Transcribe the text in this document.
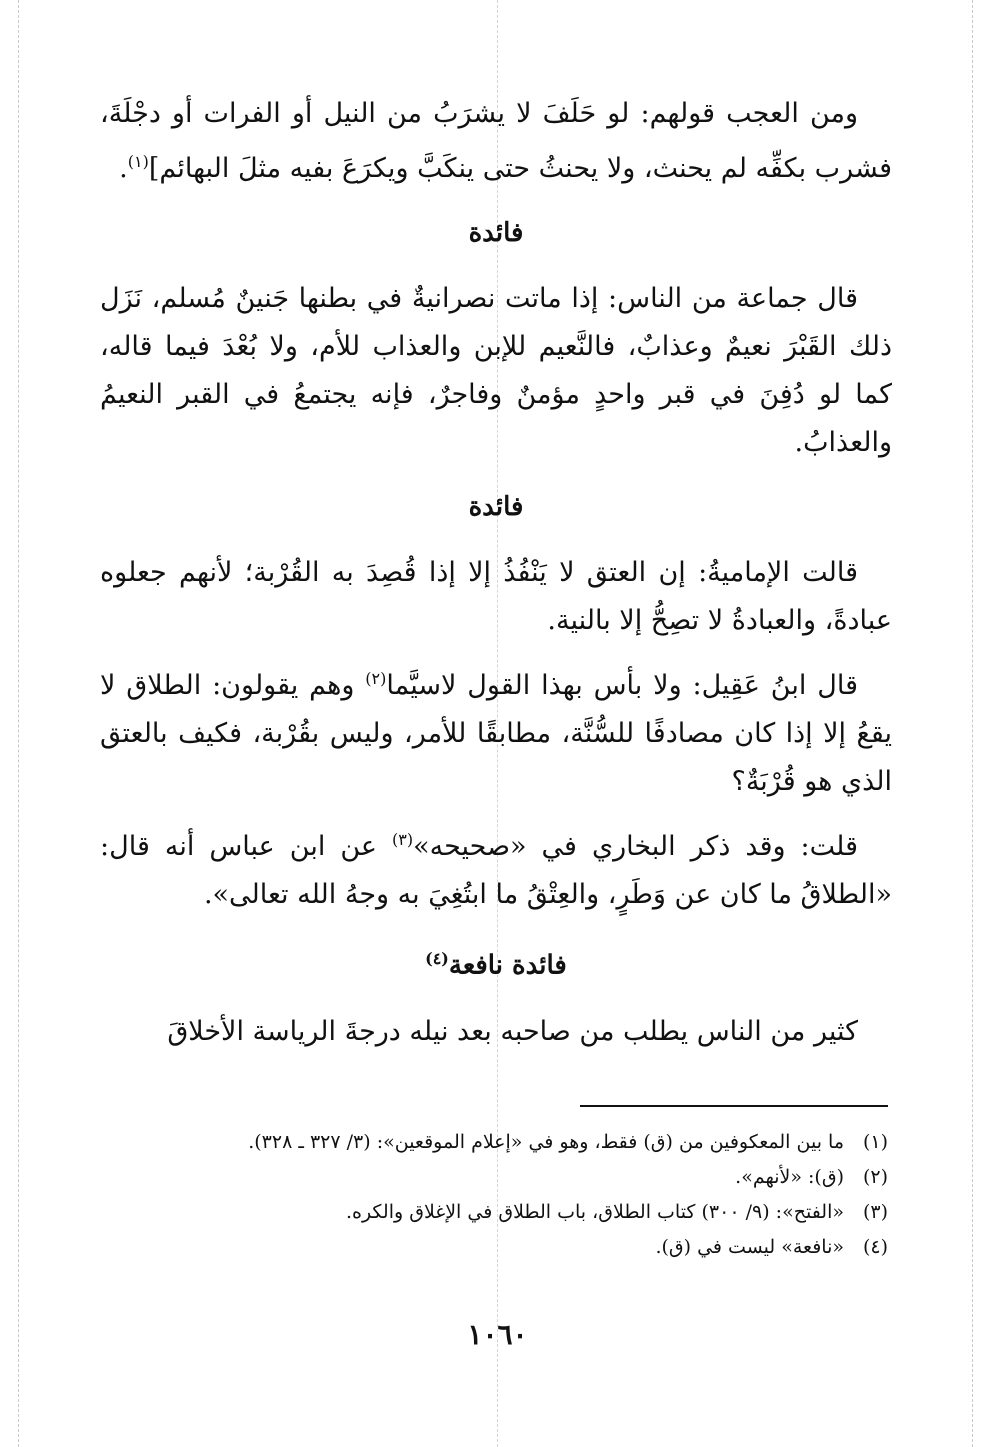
ومن العجب قولهم: لو حَلَفَ لا يشرَبُ من النيل أو الفرات أو دجْلَةَ، فشرب بكفِّه لم يحنث، ولا يحنثُ حتى ينكَبَّ ويكرَعَ بفيه مثلَ البهائم]$^{(١)}$.

فائدة

قال جماعة من الناس: إذا ماتت نصرانيةٌ في بطنها جَنينٌ مُسلم، نَزَل ذلك القَبْرَ نعيمٌ وعذابٌ، فالنَّعيم للإبن والعذاب للأم، ولا بُعْدَ فيما قاله، كما لو دُفِنَ في قبر واحدٍ مؤمنٌ وفاجرٌ، فإنه يجتمعُ في القبر النعيمُ والعذابُ.

فائدة

قالت الإماميةُ: إن العتق لا يَنْفُذُ إلا إذا قُصِدَ به القُرْبة؛ لأنهم جعلوه عبادةً، والعبادةُ لا تصِحُّ إلا بالنية.

قال ابنُ عَقِيل: ولا بأس بهذا القول لاسيَّما$^{(٢)}$ وهم يقولون: الطلاق لا يقعُ إلا إذا كان مصادفًا للسُّنَّة، مطابقًا للأمر، وليس بقُرْبة، فكيف بالعتق الذي هو قُرْبَةٌ؟

قلت: وقد ذكر البخاري في «صحيحه»$^{(٣)}$ عن ابن عباس أنه قال: «الطلاقُ ما كان عن وَطَرٍ، والعِتْقُ ما ابتُغِيَ به وجهُ الله تعالى».

فائدة نافعة$^{(٤)}$

كثير من الناس يطلب من صاحبه بعد نيله درجةَ الرياسة الأخلاقَ

(١)ما بين المعكوفين من (ق) فقط، وهو في «إعلام الموقعين»: (٣/ ٣٢٧ ـ ٣٢٨).

(٢)(ق): «لأنهم».

(٣)«الفتح»: (٩/ ٣٠٠) كتاب الطلاق، باب الطلاق في الإغلاق والكره.

(٤)«نافعة» ليست في (ق).

١٠٦٠
